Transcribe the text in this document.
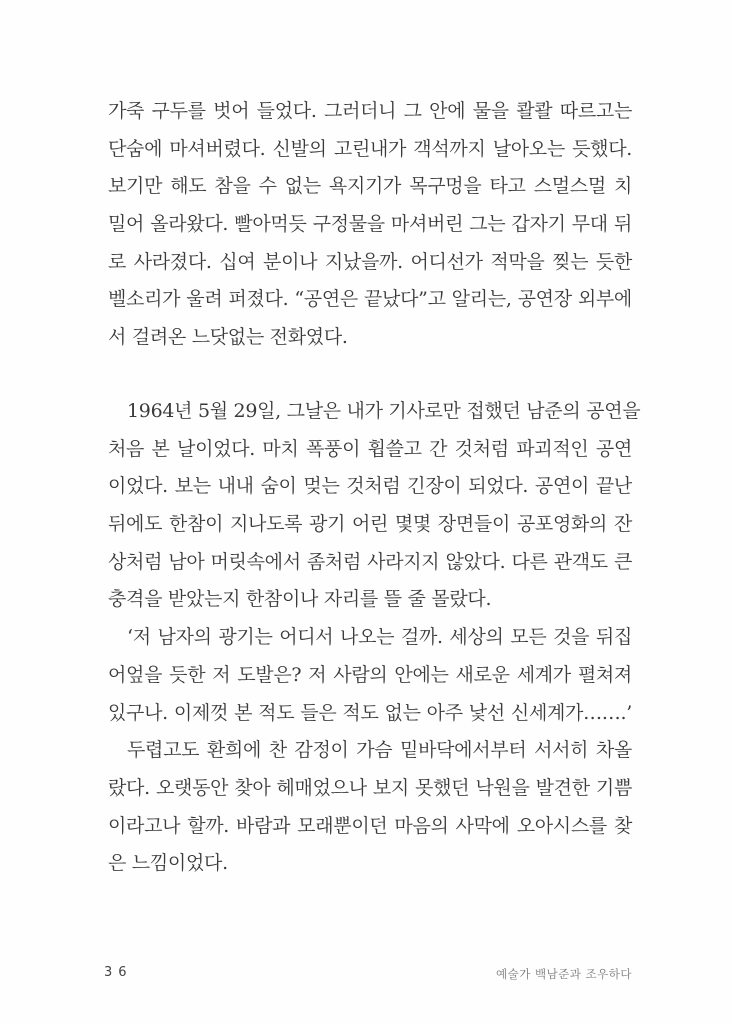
가죽 구두를 벗어 들었다. 그러더니 그 안에 물을 콸콸 따르고는
단숨에 마셔버렸다. 신발의 고린내가 객석까지 날아오는 듯했다.
보기만 해도 참을 수 없는 욕지기가 목구멍을 타고 스멀스멀 치
밀어 올라왔다. 빨아먹듯 구정물을 마셔버린 그는 갑자기 무대 뒤
로 사라졌다. 십여 분이나 지났을까. 어디선가 적막을 찢는 듯한
벨소리가 울려 퍼졌다. “공연은 끝났다”고 알리는, 공연장 외부에
서 걸려온 느닷없는 전화였다.
1964년 5월 29일, 그날은 내가 기사로만 접했던 남준의 공연을
처음 본 날이었다. 마치 폭풍이 휩쓸고 간 것처럼 파괴적인 공연
이었다. 보는 내내 숨이 멎는 것처럼 긴장이 되었다. 공연이 끝난
뒤에도 한참이 지나도록 광기 어린 몇몇 장면들이 공포영화의 잔
상처럼 남아 머릿속에서 좀처럼 사라지지 않았다. 다른 관객도 큰
충격을 받았는지 한참이나 자리를 뜰 줄 몰랐다.
‘저 남자의 광기는 어디서 나오는 걸까. 세상의 모든 것을 뒤집
어엎을 듯한 저 도발은? 저 사람의 안에는 새로운 세계가 펼쳐져
있구나. 이제껏 본 적도 들은 적도 없는 아주 낯선 신세계가…….’
두렵고도 환희에 찬 감정이 가슴 밑바닥에서부터 서서히 차올
랐다. 오랫동안 찾아 헤매었으나 보지 못했던 낙원을 발견한 기쁨
이라고나 할까. 바람과 모래뿐이던 마음의 사막에 오아시스를 찾
은 느낌이었다.
36	예술가 백남준과 조우하다
